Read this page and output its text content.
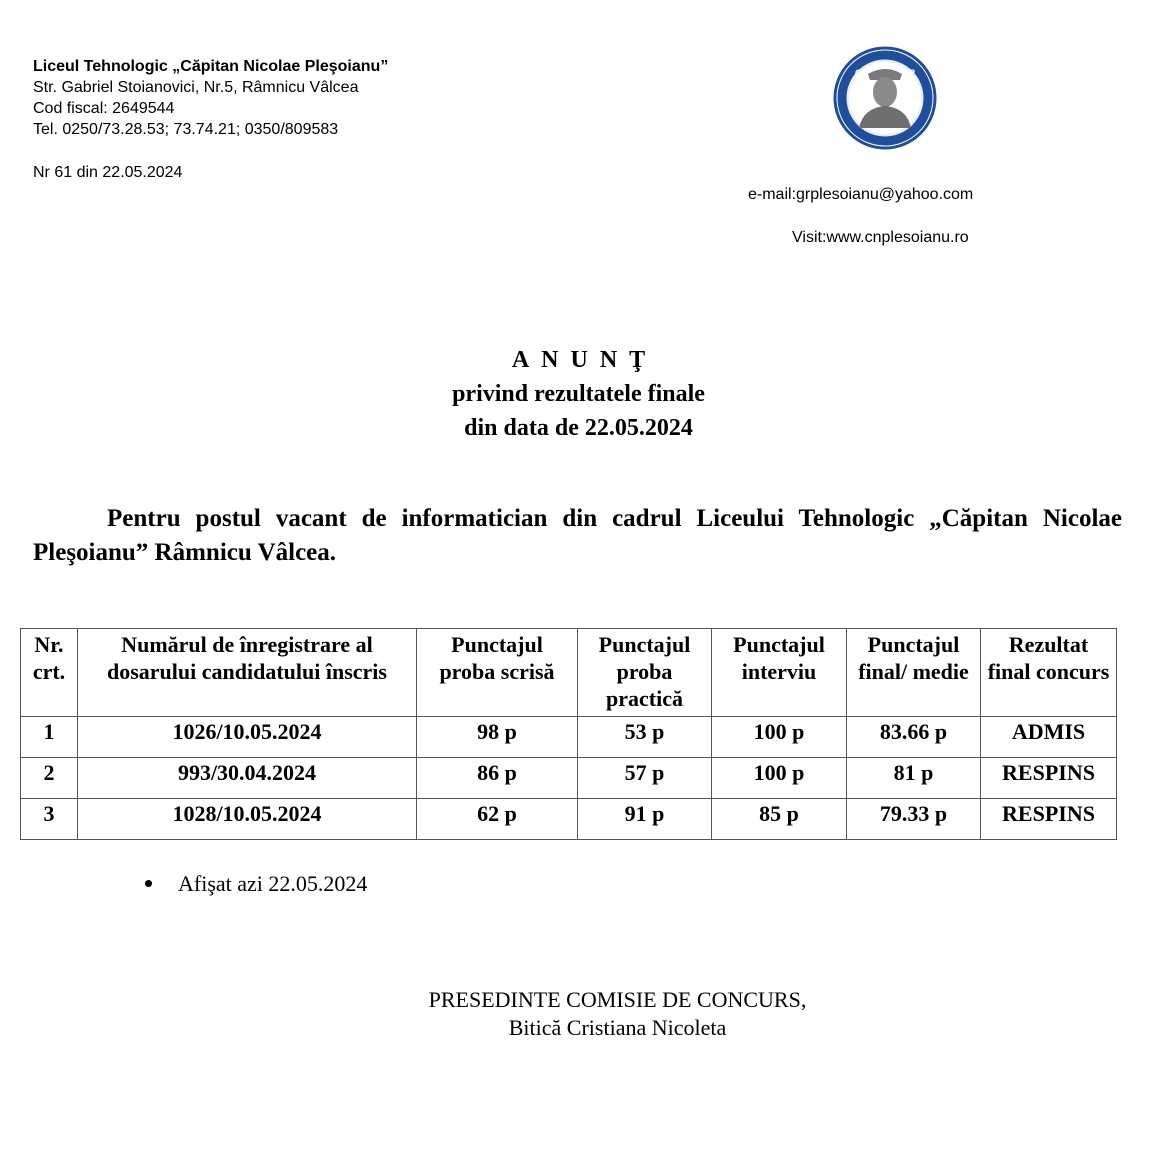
Liceul Tehnologic „Căpitan Nicolae Pleşoianu”
Str. Gabriel Stoianovici, Nr.5, Râmnicu Vâlcea
Cod fiscal: 2649544
Tel. 0250/73.28.53; 73.74.21; 0350/809583
Nr 61 din 22.05.2024
C	P
e-mail:grplesoianu@yahoo.com
Visit:www.cnplesoianu.ro
ANUNŢ
privind rezultatele finale
din data de 22.05.2024

Pentru postul vacant de informatician din cadrul Liceului Tehnologic „Căpitan Nicolae Pleşoianu” Râmnicu Vâlcea.

Nr. crt.	Numărul de înregistrare al dosarului candidatului înscris	Punctajul proba scrisă	Punctajul proba practică	Punctajul interviu	Punctajul final/ medie	Rezultat final concurs
1	1026/10.05.2024	98 p	53 p	100 p	83.66 p	ADMIS
2	993/30.04.2024	86 p	57 p	100 p	81 p	RESPINS
3	1028/10.05.2024	62 p	91 p	85 p	79.33 p	RESPINS
Afişat azi 22.05.2024
PRESEDINTE COMISIE DE CONCURS,
Bitică Cristiana Nicoleta
